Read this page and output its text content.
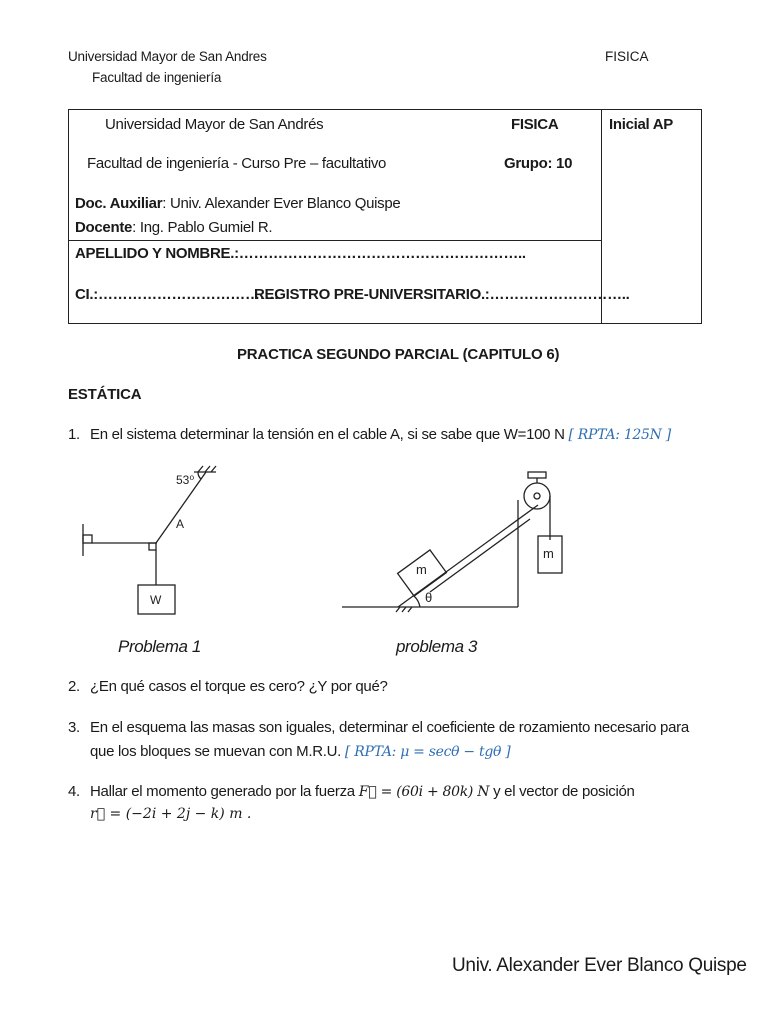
Universidad Mayor de San Andres
Facultad de ingeniería
FISICA
Universidad Mayor de San Andrés	FISICA	Inicial AP
Facultad de ingeniería - Curso Pre – facultativo	Grupo: 10
Doc. Auxiliar: Univ. Alexander Ever Blanco Quispe
Docente: Ing. Pablo Gumiel R.
APELLIDO Y NOMBRE.:…………………………………………………..
CI.:……………………………….
REGISTRO PRE-UNIVERSITARIO.:………………………..
PRACTICA SEGUNDO PARCIAL (CAPITULO 6)
ESTÁTICA
1. En el sistema determinar la tensión en el cable A, si se sabe que W=100 N [ RPTA: 125N ]
53⁰
A
W
m
m
θ
Problema 1	problema 3
2. ¿En qué casos el torque es cero? ¿Y por qué?
3. En el esquema las masas son iguales, determinar el coeficiente de rozamiento necesario para
que los bloques se muevan con M.R.U. [ RPTA: μ = secθ − tgθ ]
4. Hallar el momento generado por la fuerza F⃗ = (60i + 80k) N y el vector de posición
r⃗ = (−2i + 2j − k) m .
Univ. Alexander Ever Blanco Quispe
